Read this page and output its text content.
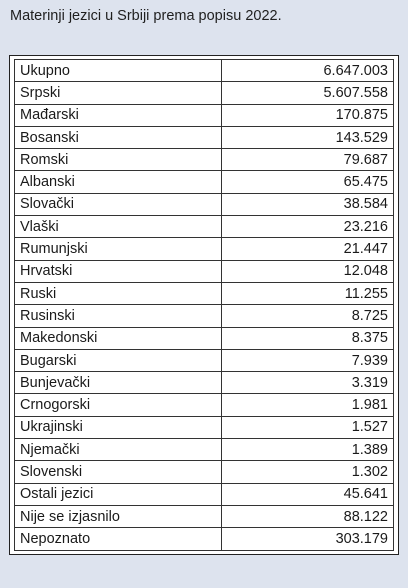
Materinji jezici u Srbiji prema popisu 2022.
Ukupno	6.647.003
Srpski	5.607.558
Mađarski	170.875
Bosanski	143.529
Romski	79.687
Albanski	65.475
Slovački	38.584
Vlaški	23.216
Rumunjski	21.447
Hrvatski	12.048
Ruski	11.255
Rusinski	8.725
Makedonski	8.375
Bugarski	7.939
Bunjevački	3.319
Crnogorski	1.981
Ukrajinski	1.527
Njemački	1.389
Slovenski	1.302
Ostali jezici	45.641
Nije se izjasnilo	88.122
Nepoznato	303.179
